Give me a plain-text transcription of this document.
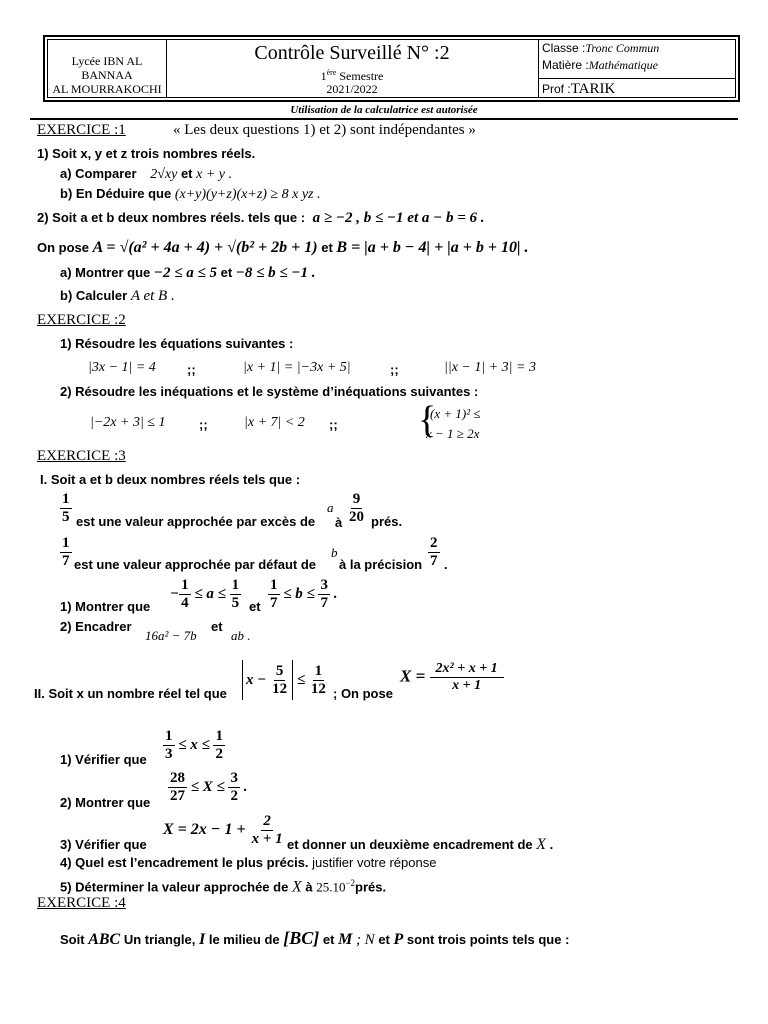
Lycée IBN AL BANNAA
AL MOURRAKOCHI
Contrôle Surveillé N° :2
1ère Semestre
2021/2022
Classe :Tronc Commun
Matière :Mathématique
Prof :TARIK
Utilisation de la calculatrice est autorisée
EXERCICE :1	« Les deux questions 1) et 2) sont indépendantes »
1) Soit x, y et z trois nombres réels.
a) Comparer 2√xy et x + y .
b) En Déduire que (x+y)(y+z)(x+z) ≥ 8 x yz .
2) Soit a et b deux nombres réels. tels que : a ≥ −2 , b ≤ −1 et a − b = 6 .
On pose A = √(a² + 4a + 4) + √(b² + 2b + 1) et B = |a + b − 4| + |a + b + 10| .
a) Montrer que −2 ≤ a ≤ 5 et −8 ≤ b ≤ −1 .
b) Calculer A et B .
EXERCICE :2
1) Résoudre les équations suivantes :
|3x − 1| = 4 ;;	|x + 1| = |−3x + 5|	;;	||x − 1| + 3| = 3
2) Résoudre les inéquations et le système d’inéquations suivantes :
|−2x + 3| ≤ 1	;;	|x + 7| < 2 ;; {
(x + 1)² ≤
x − 1 ≥ 2x
EXERCICE :3
I. Soit a et b deux nombres réels tels que :
$\frac{1}{5}$ est une valeur approchée par excès de
a
à $\frac{9}{20}$ prés.
$\frac{1}{7}$ est une valeur approchée par défaut de
b
à la précision $\frac{2}{7}$ .
1) Montrer que
− $\frac{1}{4} \le a \le \frac{1}{5}$ et $\frac{1}{7} \le b \le \frac{3}{7}$ .
2) Encadrer
16a² − 7b
et
ab .
II. Soit x un nombre réel tel que
$x - \frac{5}{12} \le \frac{1}{12}$ ; On pose
$X = \frac{\text{2x² + x + 1}}{x + 1}$
1) Vérifier que $\frac{1}{3} \le x \le \frac{1}{2}$
2) Montrer que $\frac{28}{27} \le X \le \frac{3}{2}$ .
3) Vérifier que
$X = 2x - 1 + \frac{2}{x + 1}$ et donner un deuxième encadrement de X .
4) Quel est l’encadrement le plus précis. justifier votre réponse
5) Déterminer la valeur approchée de X à $25.10^{-2}prés$.
EXERCICE :4
Soit ABC Un triangle, I le milieu de [BC] et M ; N et P sont trois points tels que :
